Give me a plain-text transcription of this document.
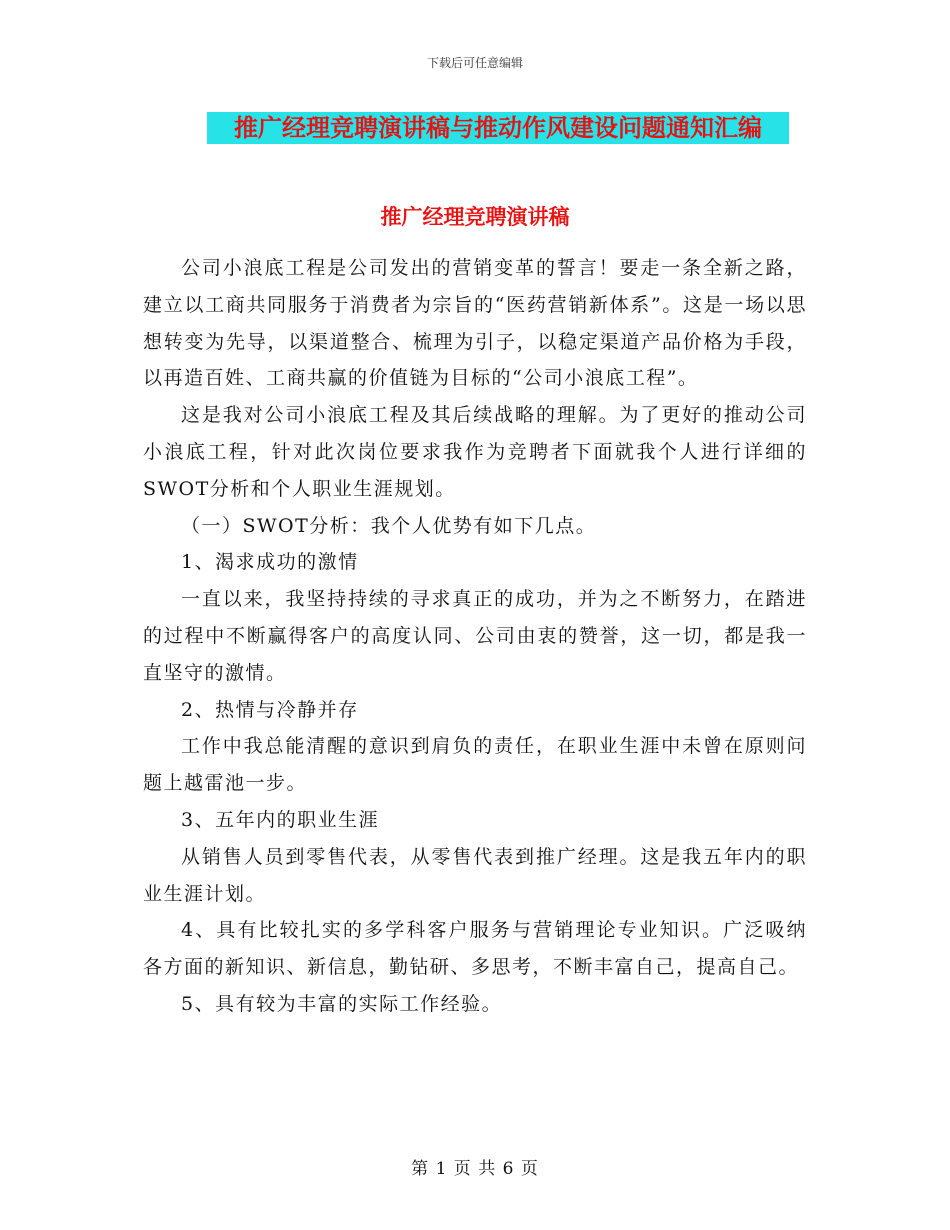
下载后可任意编辑
推广经理竞聘演讲稿与推动作风建设问题通知汇编
推广经理竞聘演讲稿

公司小浪底工程是公司发出的营销变革的誓言！要走一条全新之路，建立以工商共同服务于消费者为宗旨的“医药营销新体系”。这是一场以思想转变为先导，以渠道整合、梳理为引子，以稳定渠道产品价格为手段，以再造百姓、工商共赢的价值链为目标的“公司小浪底工程”。

这是我对公司小浪底工程及其后续战略的理解。为了更好的推动公司小浪底工程，针对此次岗位要求我作为竞聘者下面就我个人进行详细的SWOT分析和个人职业生涯规划。

（一）SWOT分析：我个人优势有如下几点。

1、渴求成功的激情

一直以来，我坚持持续的寻求真正的成功，并为之不断努力，在踏进的过程中不断赢得客户的高度认同、公司由衷的赞誉，这一切，都是我一直坚守的激情。

2、热情与冷静并存

工作中我总能清醒的意识到肩负的责任，在职业生涯中未曾在原则问题上越雷池一步。

3、五年内的职业生涯

从销售人员到零售代表，从零售代表到推广经理。这是我五年内的职业生涯计划。

4、具有比较扎实的多学科客户服务与营销理论专业知识。广泛吸纳各方面的新知识、新信息，勤钻研、多思考，不断丰富自己，提高自己。

5、具有较为丰富的实际工作经验。

第 1 页 共 6 页
